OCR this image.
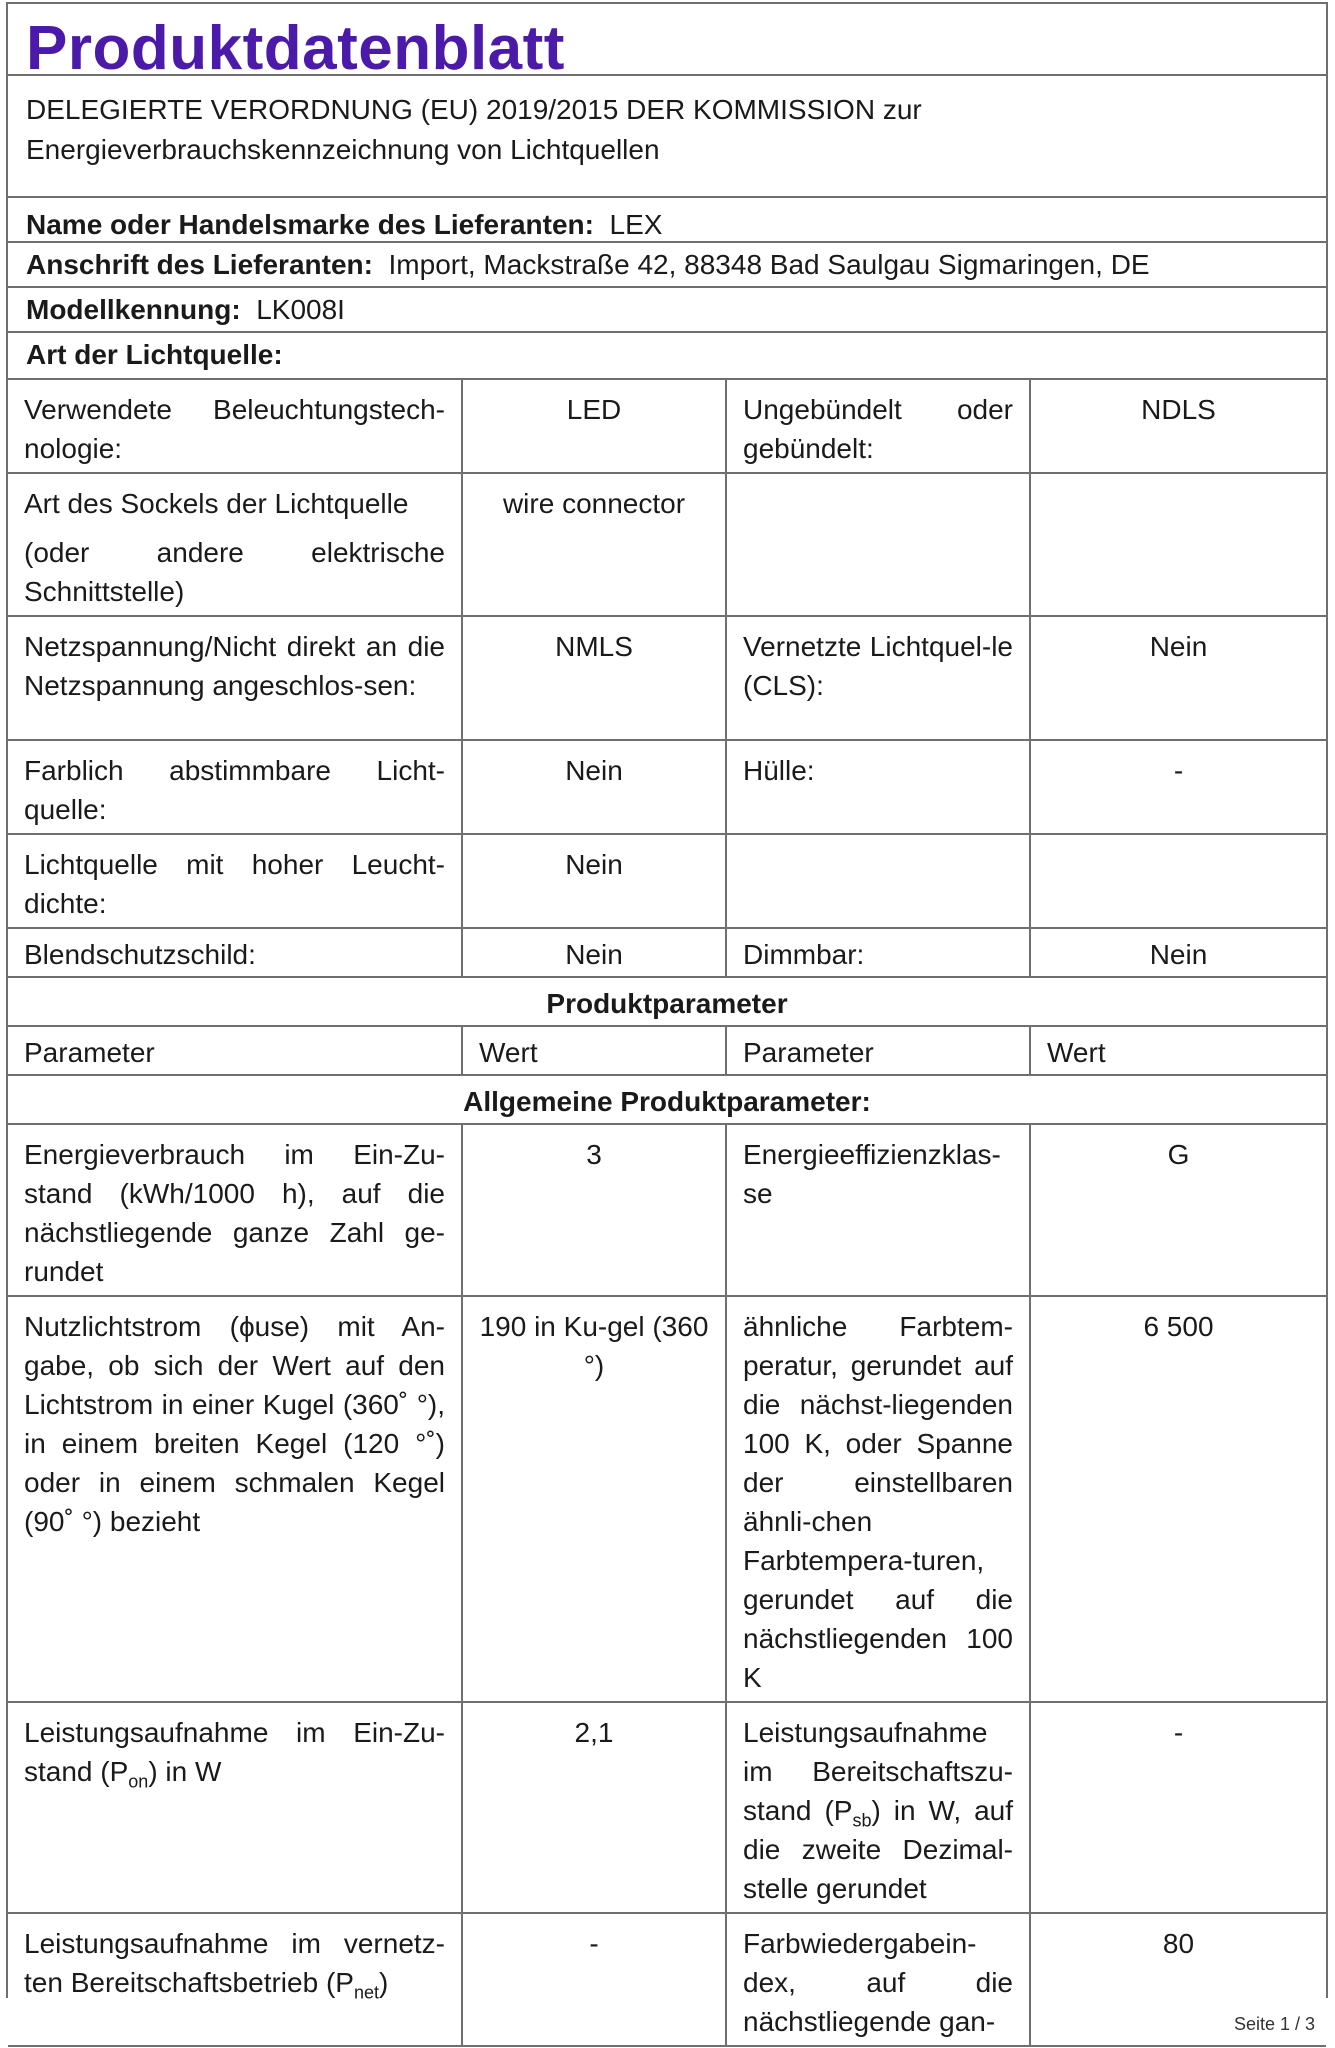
Produktdatenblatt
DELEGIERTE VERORDNUNG (EU) 2019/2015 DER KOMMISSION zur
Energieverbrauchskennzeichnung von Lichtquellen
Name oder Handelsmarke des Lieferanten: LEX
Anschrift des Lieferanten: Import, Mackstraße 42, 88348 Bad Saulgau Sigmaringen, DE
Modellkennung: LK008I
Art der Lichtquelle:
Verwendete Beleuchtungstech-nologie:	LED	Ungebündelt oder gebündelt:	NDLS

Art des Sockels der Lichtquelle
(oder andere elektrische Schnittstelle)	wire connector		
Netzspannung/Nicht direkt an die Netzspannung angeschlos-sen:	NMLS	Vernetzte Lichtquel-le (CLS):	Nein
Farblich abstimmbare Licht-quelle:	Nein	Hülle:	-
Lichtquelle mit hoher Leucht-dichte:	Nein		
Blendschutzschild:	Nein	Dimmbar:	Nein
Produktparameter			
Parameter	Wert	Parameter	Wert
Allgemeine Produktparameter:			
Energieverbrauch im Ein-Zu-stand (kWh/1000 h), auf die nächstliegende ganze Zahl ge-rundet	3	Energieeffizienzklas-se	G
Nutzlichtstrom (ϕuse) mit An-gabe, ob sich der Wert auf den Lichtstrom in einer Kugel (360˚ °), in einem breiten Kegel (120 °˚) oder in einem schmalen Kegel (90˚ °) bezieht	190 in Ku-gel (360 °)	ähnliche Farbtem-peratur, gerundet auf die nächst-liegenden 100 K, oder Spanne der einstellbaren ähnli-chen Farbtempera-turen, gerundet auf die nächstliegenden 100 K	6 500
Leistungsaufnahme im Ein-Zu-stand $(P_{on})$ in W	2,1	Leistungsaufnahme im Bereitschaftszu-stand $(P_{sb})$ in W, auf die zweite Dezimal-stelle gerundet	-
Leistungsaufnahme im vernetz-ten Bereitschaftsbetrieb $(P_{net})$	-	Farbwiedergabein-dex, auf die nächstliegende gan-	80
Seite 1 / 3
